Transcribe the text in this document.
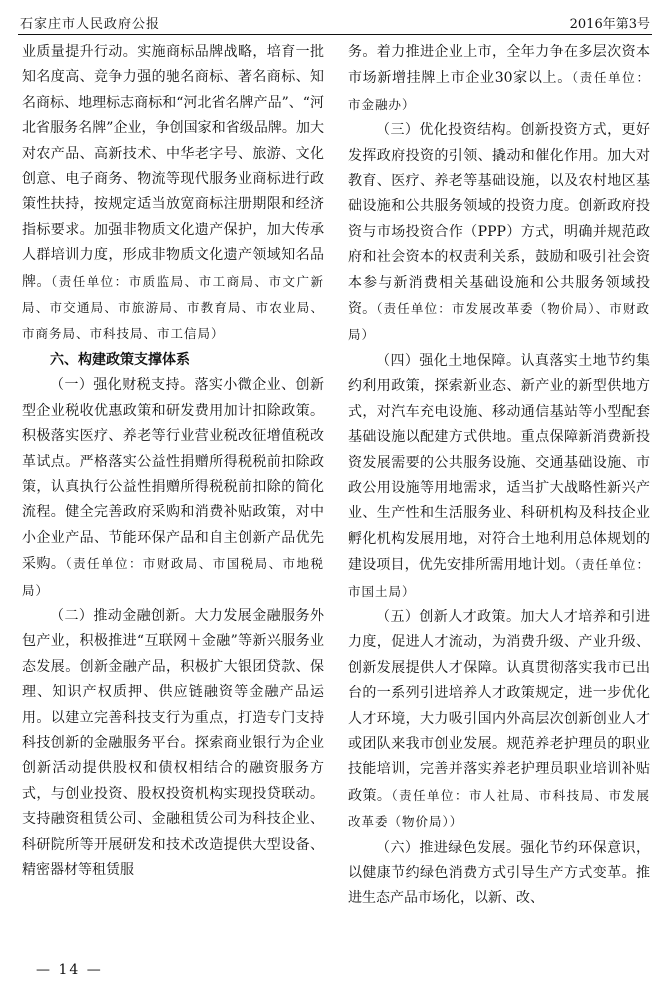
石家庄市人民政府公报	2016年第3号

业质量提升行动。实施商标品牌战略，培育一批知名度高、竞争力强的驰名商标、著名商标、知名商标、地理标志商标和“河北省名牌产品”、“河北省服务名牌”企业，争创国家和省级品牌。加大对农产品、高新技术、中华老字号、旅游、文化创意、电子商务、物流等现代服务业商标进行政策性扶持，按规定适当放宽商标注册期限和经济指标要求。加强非物质文化遗产保护，加大传承人群培训力度，形成非物质文化遗产领域知名品牌。（责任单位：市质监局、市工商局、市文广新局、市交通局、市旅游局、市教育局、市农业局、市商务局、市科技局、市工信局）

六、构建政策支撑体系

（一）强化财税支持。落实小微企业、创新型企业税收优惠政策和研发费用加计扣除政策。积极落实医疗、养老等行业营业税改征增值税改革试点。严格落实公益性捐赠所得税税前扣除政策，认真执行公益性捐赠所得税税前扣除的简化流程。健全完善政府采购和消费补贴政策，对中小企业产品、节能环保产品和自主创新产品优先采购。（责任单位：市财政局、市国税局、市地税局）

（二）推动金融创新。大力发展金融服务外包产业，积极推进“互联网＋金融”等新兴服务业态发展。创新金融产品，积极扩大银团贷款、保理、知识产权质押、供应链融资等金融产品运用。以建立完善科技支行为重点，打造专门支持科技创新的金融服务平台。探索商业银行为企业创新活动提供股权和债权相结合的融资服务方式，与创业投资、股权投资机构实现投贷联动。支持融资租赁公司、金融租赁公司为科技企业、科研院所等开展研发和技术改造提供大型设备、精密器材等租赁服

务。着力推进企业上市，全年力争在多层次资本市场新增挂牌上市企业30家以上。（责任单位：市金融办）

（三）优化投资结构。创新投资方式，更好发挥政府投资的引领、撬动和催化作用。加大对教育、医疗、养老等基础设施，以及农村地区基础设施和公共服务领域的投资力度。创新政府投资与市场投资合作（PPP）方式，明确并规范政府和社会资本的权责利关系，鼓励和吸引社会资本参与新消费相关基础设施和公共服务领域投资。（责任单位：市发展改革委（物价局）、市财政局）

（四）强化土地保障。认真落实土地节约集约利用政策，探索新业态、新产业的新型供地方式，对汽车充电设施、移动通信基站等小型配套基础设施以配建方式供地。重点保障新消费新投资发展需要的公共服务设施、交通基础设施、市政公用设施等用地需求，适当扩大战略性新兴产业、生产性和生活服务业、科研机构及科技企业孵化机构发展用地，对符合土地利用总体规划的建设项目，优先安排所需用地计划。（责任单位：市国土局）

（五）创新人才政策。加大人才培养和引进力度，促进人才流动，为消费升级、产业升级、创新发展提供人才保障。认真贯彻落实我市已出台的一系列引进培养人才政策规定，进一步优化人才环境，大力吸引国内外高层次创新创业人才或团队来我市创业发展。规范养老护理员的职业技能培训，完善并落实养老护理员职业培训补贴政策。（责任单位：市人社局、市科技局、市发展改革委（物价局））

（六）推进绿色发展。强化节约环保意识，以健康节约绿色消费方式引导生产方式变革。推进生态产品市场化，以新、改、

— 14 —
